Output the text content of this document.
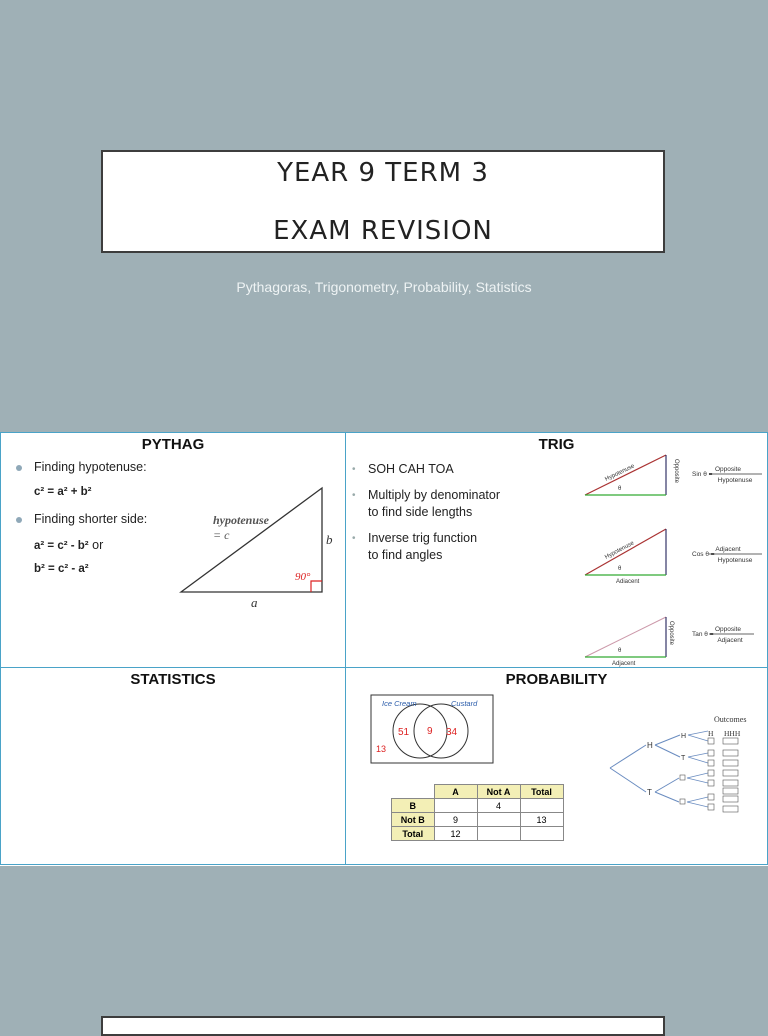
YEAR 9 TERM 3
EXAM REVISION
Pythagoras, Trigonometry, Probability, Statistics
PYTHAG
Finding hypotenuse:
c² = a² + b²
Finding shorter side:
a² = c² - b² or
b² = c² - a²
hypotenuse
= c	b
a
90°
TRIG
• SOH CAH TOA
• Multiply by denominator
to find side lengths
• Inverse trig function
to find angles
θ
Hypotenuse	Opposite Sin θ =
Opposite
Hypotenuse
θ
Hypotenuse
Adjacent
Cos θ =
Adjacent
Hypotenuse
θ
Opposite
Adjacent
Tan θ =
Opposite
Adjacent
STATISTICS	PROBABILITY
Ice Cream	Custard
51 9 34
13
Outcomes
H HHH
H
T
H
T
	A	Not A	Total
B		4	
Not B	9		13
Total	12		
